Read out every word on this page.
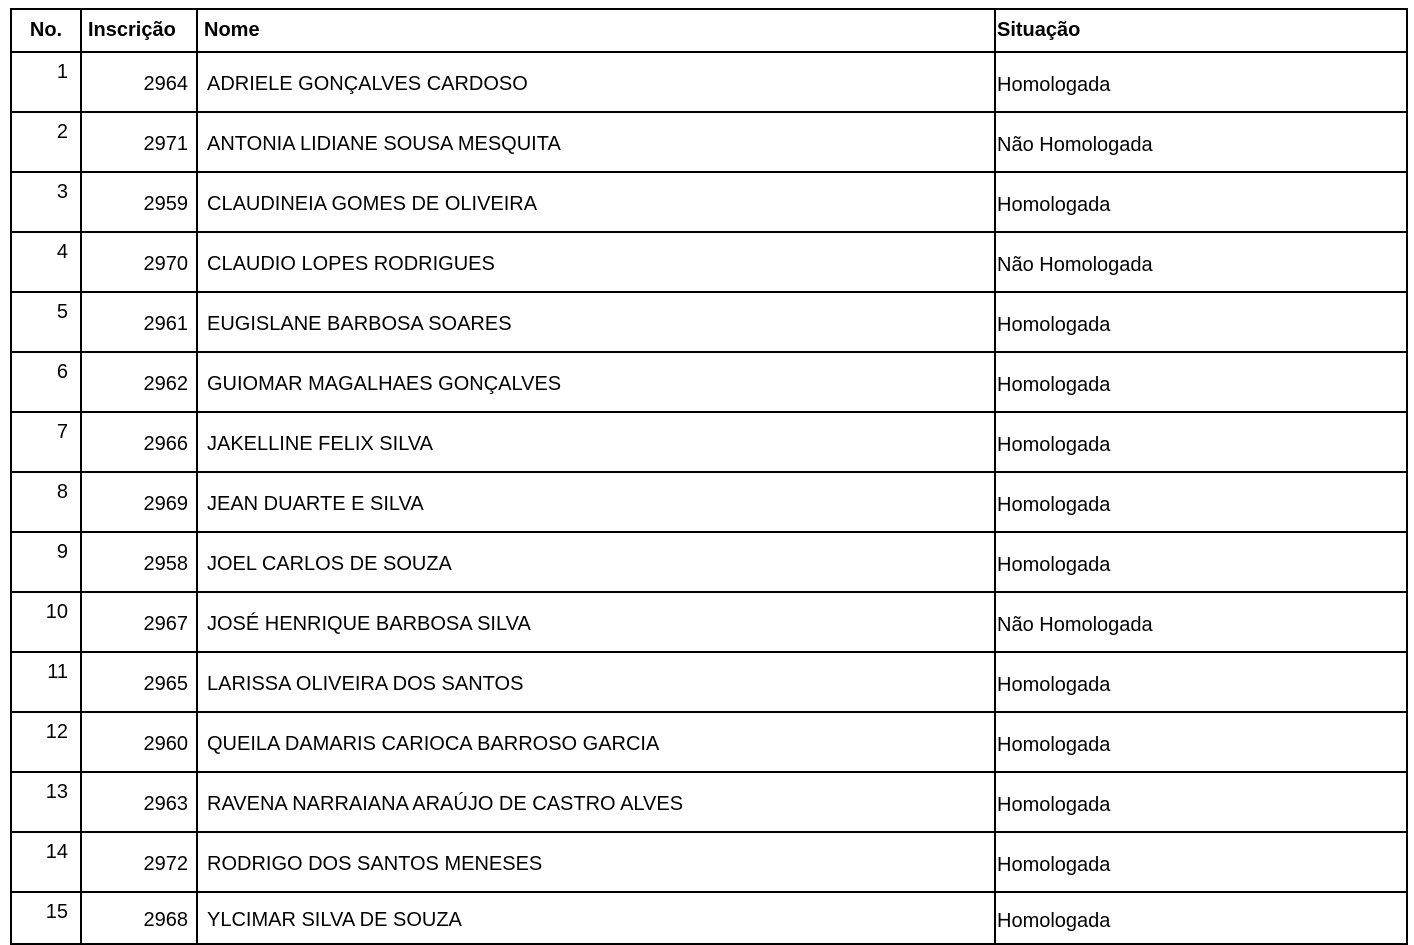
No.	Inscrição	Nome	Situação
1	2964	ADRIELE GONÇALVES CARDOSO	Homologada
2	2971	ANTONIA LIDIANE SOUSA MESQUITA	Não Homologada
3	2959	CLAUDINEIA GOMES DE OLIVEIRA	Homologada
4	2970	CLAUDIO LOPES RODRIGUES	Não Homologada
5	2961	EUGISLANE BARBOSA SOARES	Homologada
6	2962	GUIOMAR MAGALHAES GONÇALVES	Homologada
7	2966	JAKELLINE FELIX SILVA	Homologada
8	2969	JEAN DUARTE E SILVA	Homologada
9	2958	JOEL CARLOS DE SOUZA	Homologada
10	2967	JOSÉ HENRIQUE BARBOSA SILVA	Não Homologada
11	2965	LARISSA OLIVEIRA DOS SANTOS	Homologada
12	2960	QUEILA DAMARIS CARIOCA BARROSO GARCIA	Homologada
13	2963	RAVENA NARRAIANA ARAÚJO DE CASTRO ALVES	Homologada
14	2972	RODRIGO DOS SANTOS MENESES	Homologada
15	2968	YLCIMAR SILVA DE SOUZA	Homologada
